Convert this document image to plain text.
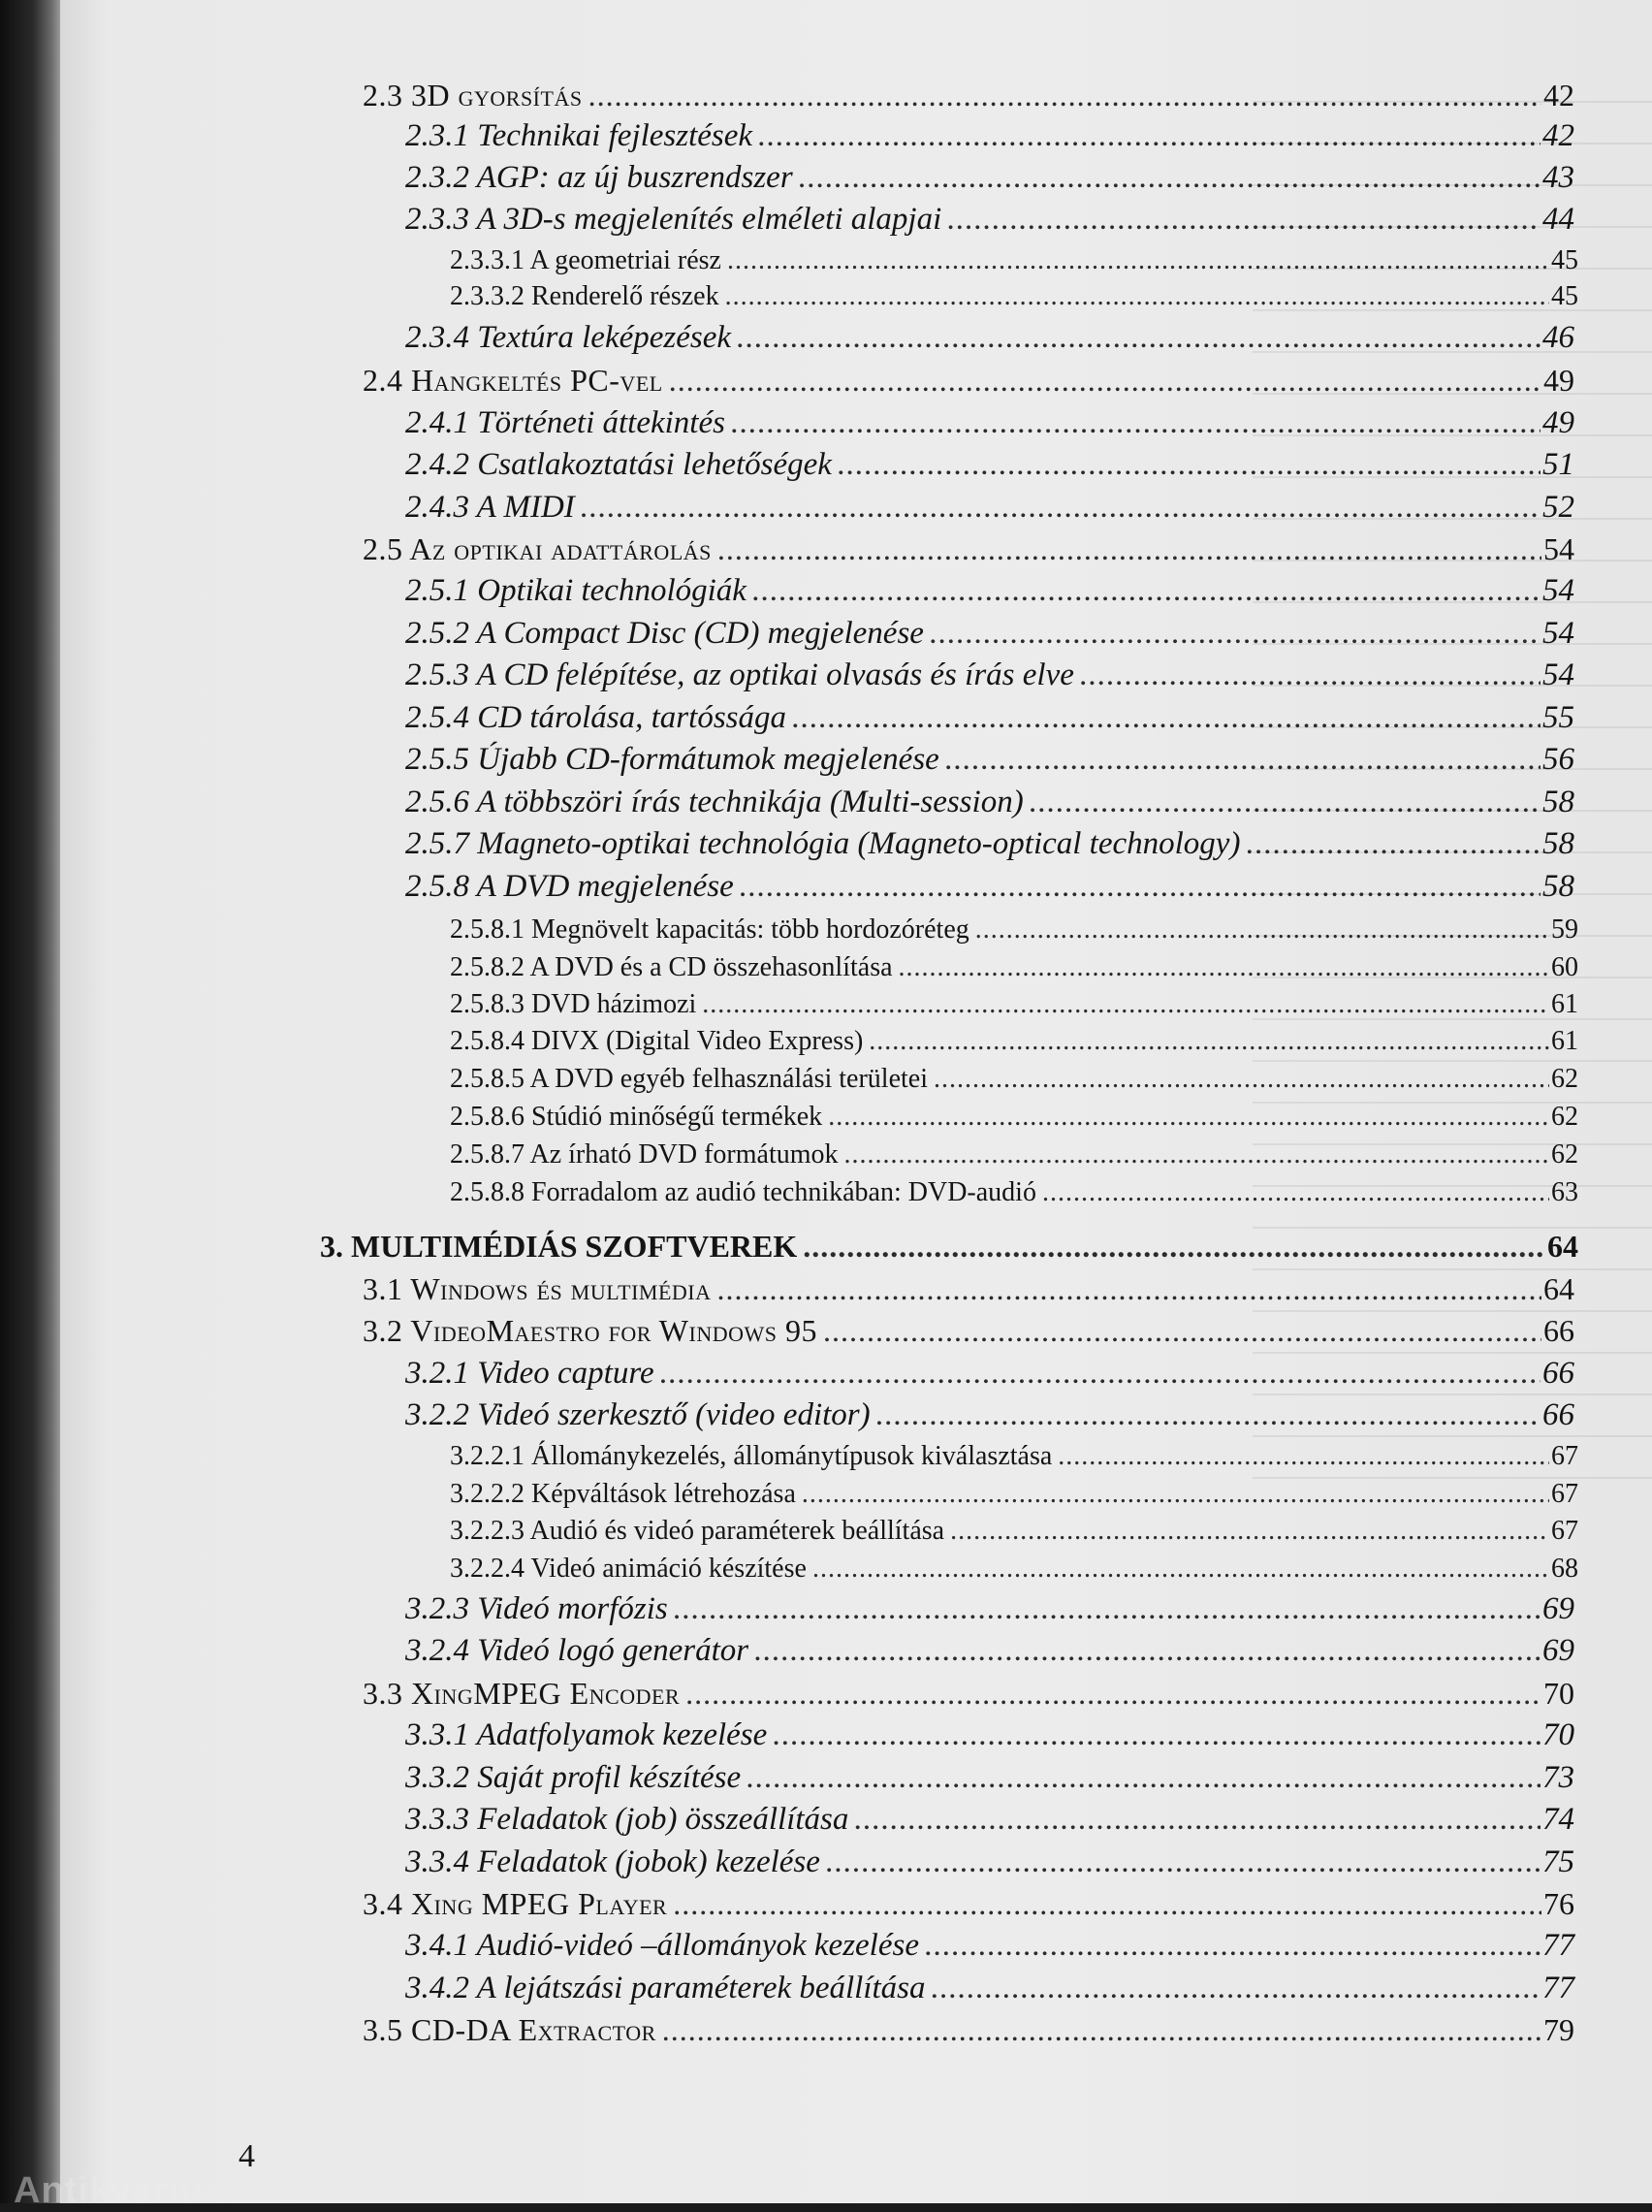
2.3 3D gyorsítás .....	42
2.3.1 Technikai fejlesztések .....	42
2.3.2 AGP: az új buszrendszer .....	43
2.3.3 A 3D-s megjelenítés elméleti alapjai .....	44
2.3.3.1 A geometriai rész .....	45
2.3.3.2 Renderelő részek .....	45
2.3.4 Textúra leképezések .....	46
2.4 Hangkeltés PC-vel .....	49
2.4.1 Történeti áttekintés .....	49
2.4.2 Csatlakoztatási lehetőségek .....	51
2.4.3 A MIDI .....	52
2.5 Az optikai adattárolás .....	54
2.5.1 Optikai technológiák .....	54
2.5.2 A Compact Disc (CD) megjelenése .....	54
2.5.3 A CD felépítése, az optikai olvasás és írás elve .....	54
2.5.4 CD tárolása, tartóssága .....	55
2.5.5 Újabb CD-formátumok megjelenése .....	56
2.5.6 A többszöri írás technikája (Multi-session) .....	58
2.5.7 Magneto-optikai technológia (Magneto-optical technology) .....	58
2.5.8 A DVD megjelenése .....	58
2.5.8.1 Megnövelt kapacitás: több hordozóréteg .....	59
2.5.8.2 A DVD és a CD összehasonlítása .....	60
2.5.8.3 DVD házimozi .....	61
2.5.8.4 DIVX (Digital Video Express) .....	61
2.5.8.5 A DVD egyéb felhasználási területei .....	62
2.5.8.6 Stúdió minőségű termékek .....	62
2.5.8.7 Az írható DVD formátumok .....	62
2.5.8.8 Forradalom az audió technikában: DVD-audió .....	63
3. MULTIMÉDIÁS SZOFTVEREK .....	64
3.1 Windows és multimédia .....	64
3.2 VideoMaestro for Windows 95 .....	66
3.2.1 Video capture .....	66
3.2.2 Videó szerkesztő (video editor) .....	66
3.2.2.1 Állománykezelés, állománytípusok kiválasztása .....	67
3.2.2.2 Képváltások létrehozása .....	67
3.2.2.3 Audió és videó paraméterek beállítása .....	67
3.2.2.4 Videó animáció készítése .....	68
3.2.3 Videó morfózis .....	69
3.2.4 Videó logó generátor .....	69
3.3 XingMPEG Encoder .....	70
3.3.1 Adatfolyamok kezelése .....	70
3.3.2 Saját profil készítése .....	73
3.3.3 Feladatok (job) összeállítása .....	74
3.3.4 Feladatok (jobok) kezelése .....	75
3.4 Xing MPEG Player .....	76
3.4.1 Audió-videó –állományok kezelése .....	77
3.4.2 A lejátszási paraméterek beállítása .....	77
3.5 CD-DA Extractor .....	79
4
Antikvárium.hu
